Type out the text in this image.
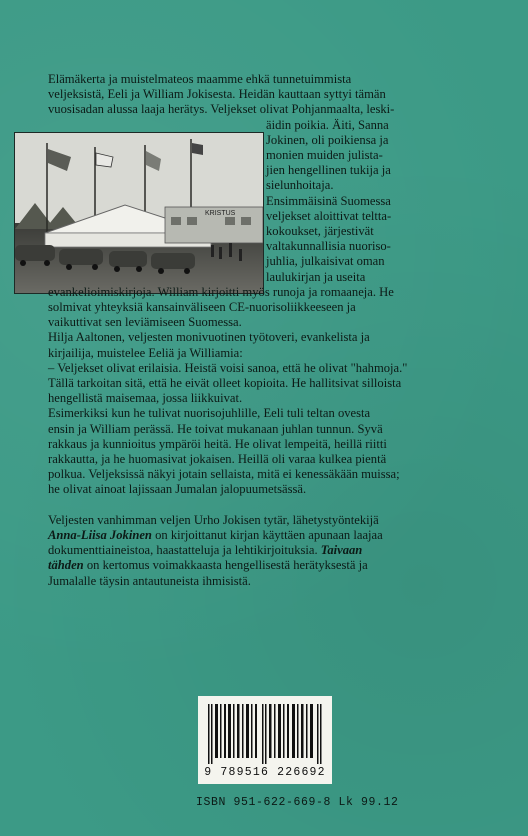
KRISTUS

Elämäkerta ja muistelmateos maamme ehkä tunnetuimmista

veljeksistä, Eeli ja William Jokisesta. Heidän kauttaan syttyi tämän

vuosisadan alussa laaja herätys. Veljekset olivat Pohjanmaalta, leski-

äidin poikia. Äiti, Sanna

Jokinen, oli poikiensa ja

monien muiden julista-

jien hengellinen tukija ja

sielunhoitaja.

Ensimmäisinä Suomessa

veljekset aloittivat teltta-

kokoukset, järjestivät

valtakunnallisia nuoriso-

juhlia, julkaisivat oman

laulukirjan ja useita

evankelioimiskirjoja. William kirjoitti myös runoja ja romaaneja. He

solmivat yhteyksiä kansainväliseen CE-nuorisoliikkeeseen ja

vaikuttivat sen leviämiseen Suomessa.

Hilja Aaltonen, veljesten monivuotinen työtoveri, evankelista ja

kirjailija, muistelee Eeliä ja Williamia:

– Veljekset olivat erilaisia. Heistä voisi sanoa, että he olivat "hahmoja."

Tällä tarkoitan sitä, että he eivät olleet kopioita. He hallitsivat silloista

hengellistä maisemaa, jossa liikkuivat.

Esimerkiksi kun he tulivat nuorisojuhlille, Eeli tuli teltan ovesta

ensin ja William perässä. He toivat mukanaan juhlan tunnun. Syvä

rakkaus ja kunnioitus ympäröi heitä. He olivat lempeitä, heillä riitti

rakkautta, ja he huomasivat jokaisen. Heillä oli varaa kulkea pientä

polkua. Veljeksissä näkyi jotain sellaista, mitä ei kenessäkään muissa;

he olivat ainoat lajissaan Jumalan jalopuumetsässä.

Veljesten vanhimman veljen Urho Jokisen tytär, lähetystyöntekijä

Anna-Liisa Jokinen on kirjoittanut kirjan käyttäen apunaan laajaa

dokumenttiaineistoa, haastatteluja ja lehtikirjoituksia. Taivaan

tähden on kertomus voimakkaasta hengellisestä herätyksestä ja

Jumalalle täysin antautuneista ihmisistä.

9 789516 226692
ISBN 951-622-669-8 Lk 99.12
